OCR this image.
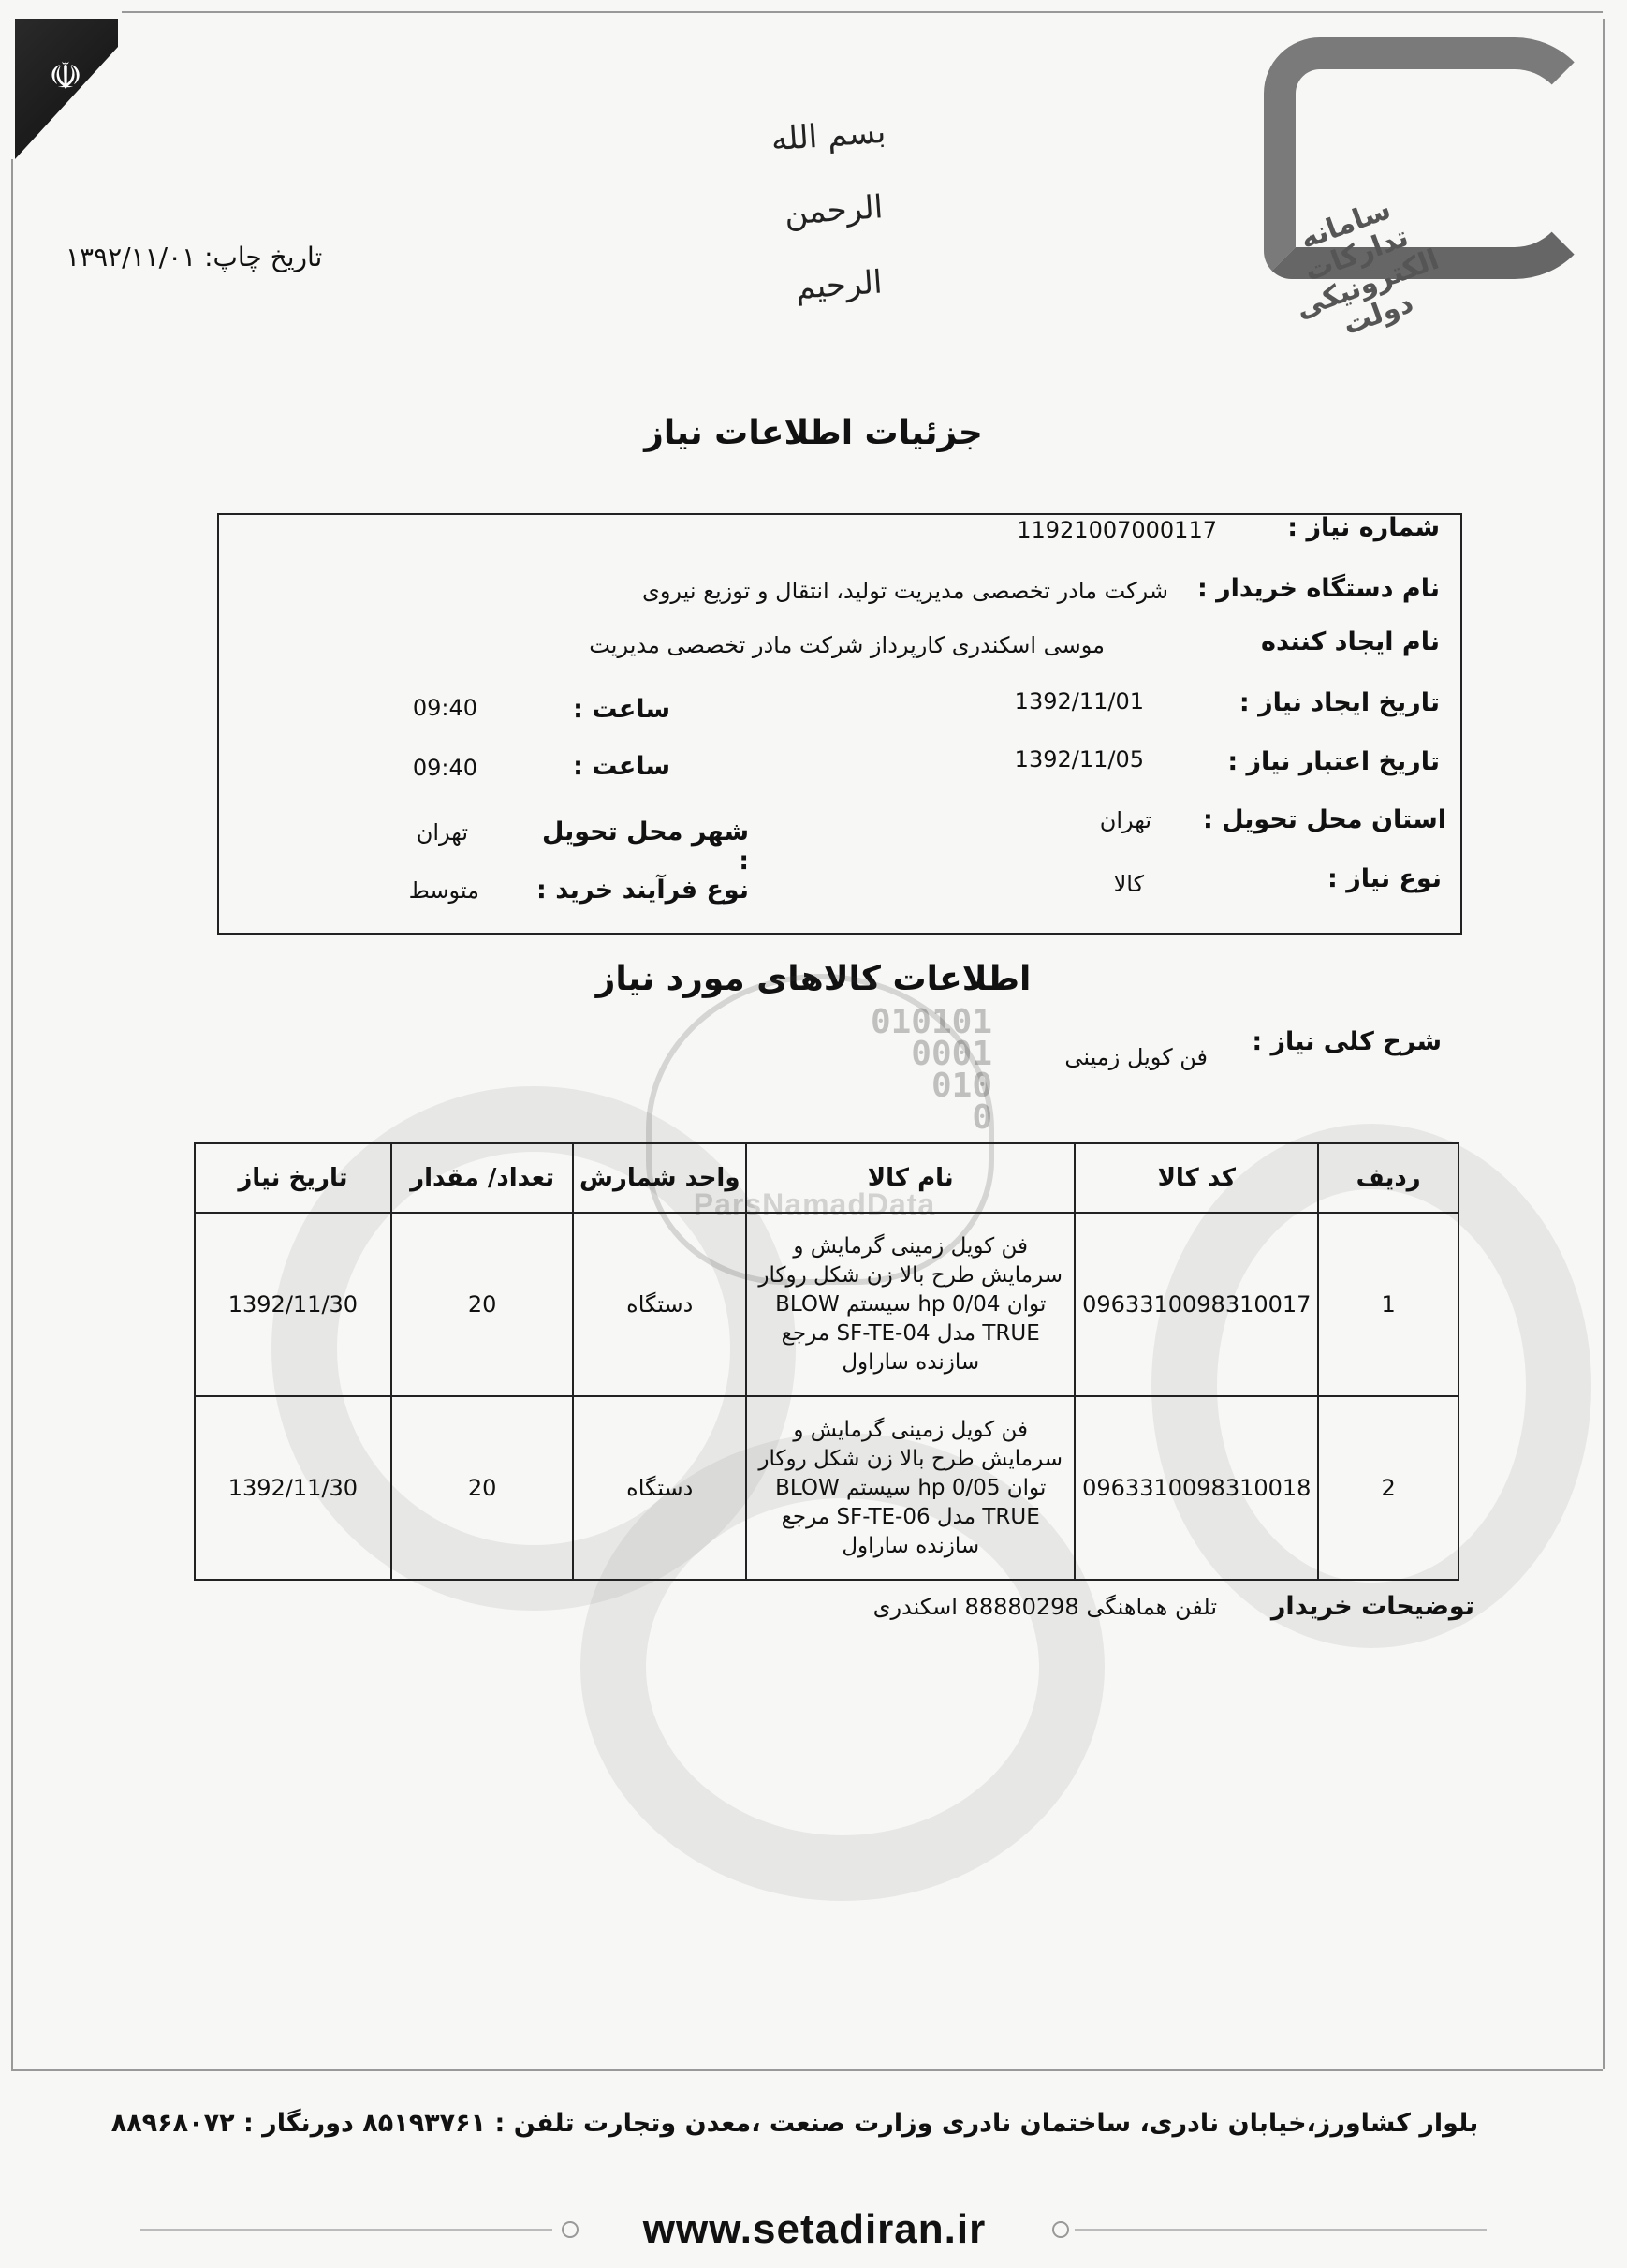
☫
بسم الله الرحمن الرحیم
سامانه تدارکات الکترونیکی دولت
تاریخ چاپ: ۱۳۹۲/۱۱/۰۱
جزئیات اطلاعات نیاز
شماره نیاز :
11921007000117
نام دستگاه خریدار :
شرکت مادر تخصصی مدیریت تولید، انتقال و توزیع نیروی
نام ایجاد کننده
موسی اسکندری کارپرداز شرکت مادر تخصصی مدیریت
تاریخ ایجاد نیاز :
1392/11/01
ساعت :
09:40
تاریخ اعتبار نیاز :
1392/11/05
ساعت :
09:40
استان محل تحویل :
تهران
شهر محل تحویل :
تهران
نوع نیاز :
کالا
نوع فرآیند خرید :
متوسط
اطلاعات کالاهای مورد نیاز
010101
0001
010
0
ParsNamadData
شرح کلی نیاز :
فن کویل زمینی
ردیف	کد کالا	نام کالا	واحد شمارش	تعداد/ مقدار	تاریخ نیاز
1	0963310098310017	فن کویل زمینی گرمایش و سرمایش طرح بالا زن شکل روکار توان hp 0/04 سیستم BLOW TRUE مدل SF-TE-04 مرجع سازنده ساراول	دستگاه	20	1392/11/30
2	0963310098310018	فن کویل زمینی گرمایش و سرمایش طرح بالا زن شکل روکار توان hp 0/05 سیستم BLOW TRUE مدل SF-TE-06 مرجع سازنده ساراول	دستگاه	20	1392/11/30
توضیحات خریدار
تلفن هماهنگی 88880298 اسکندری
بلوار کشاورز،خیابان نادری، ساختمان نادری وزارت صنعت ،معدن وتجارت تلفن : ۸۵۱۹۳۷۶۱ دورنگار : ۸۸۹۶۸۰۷۲
www.setadiran.ir
